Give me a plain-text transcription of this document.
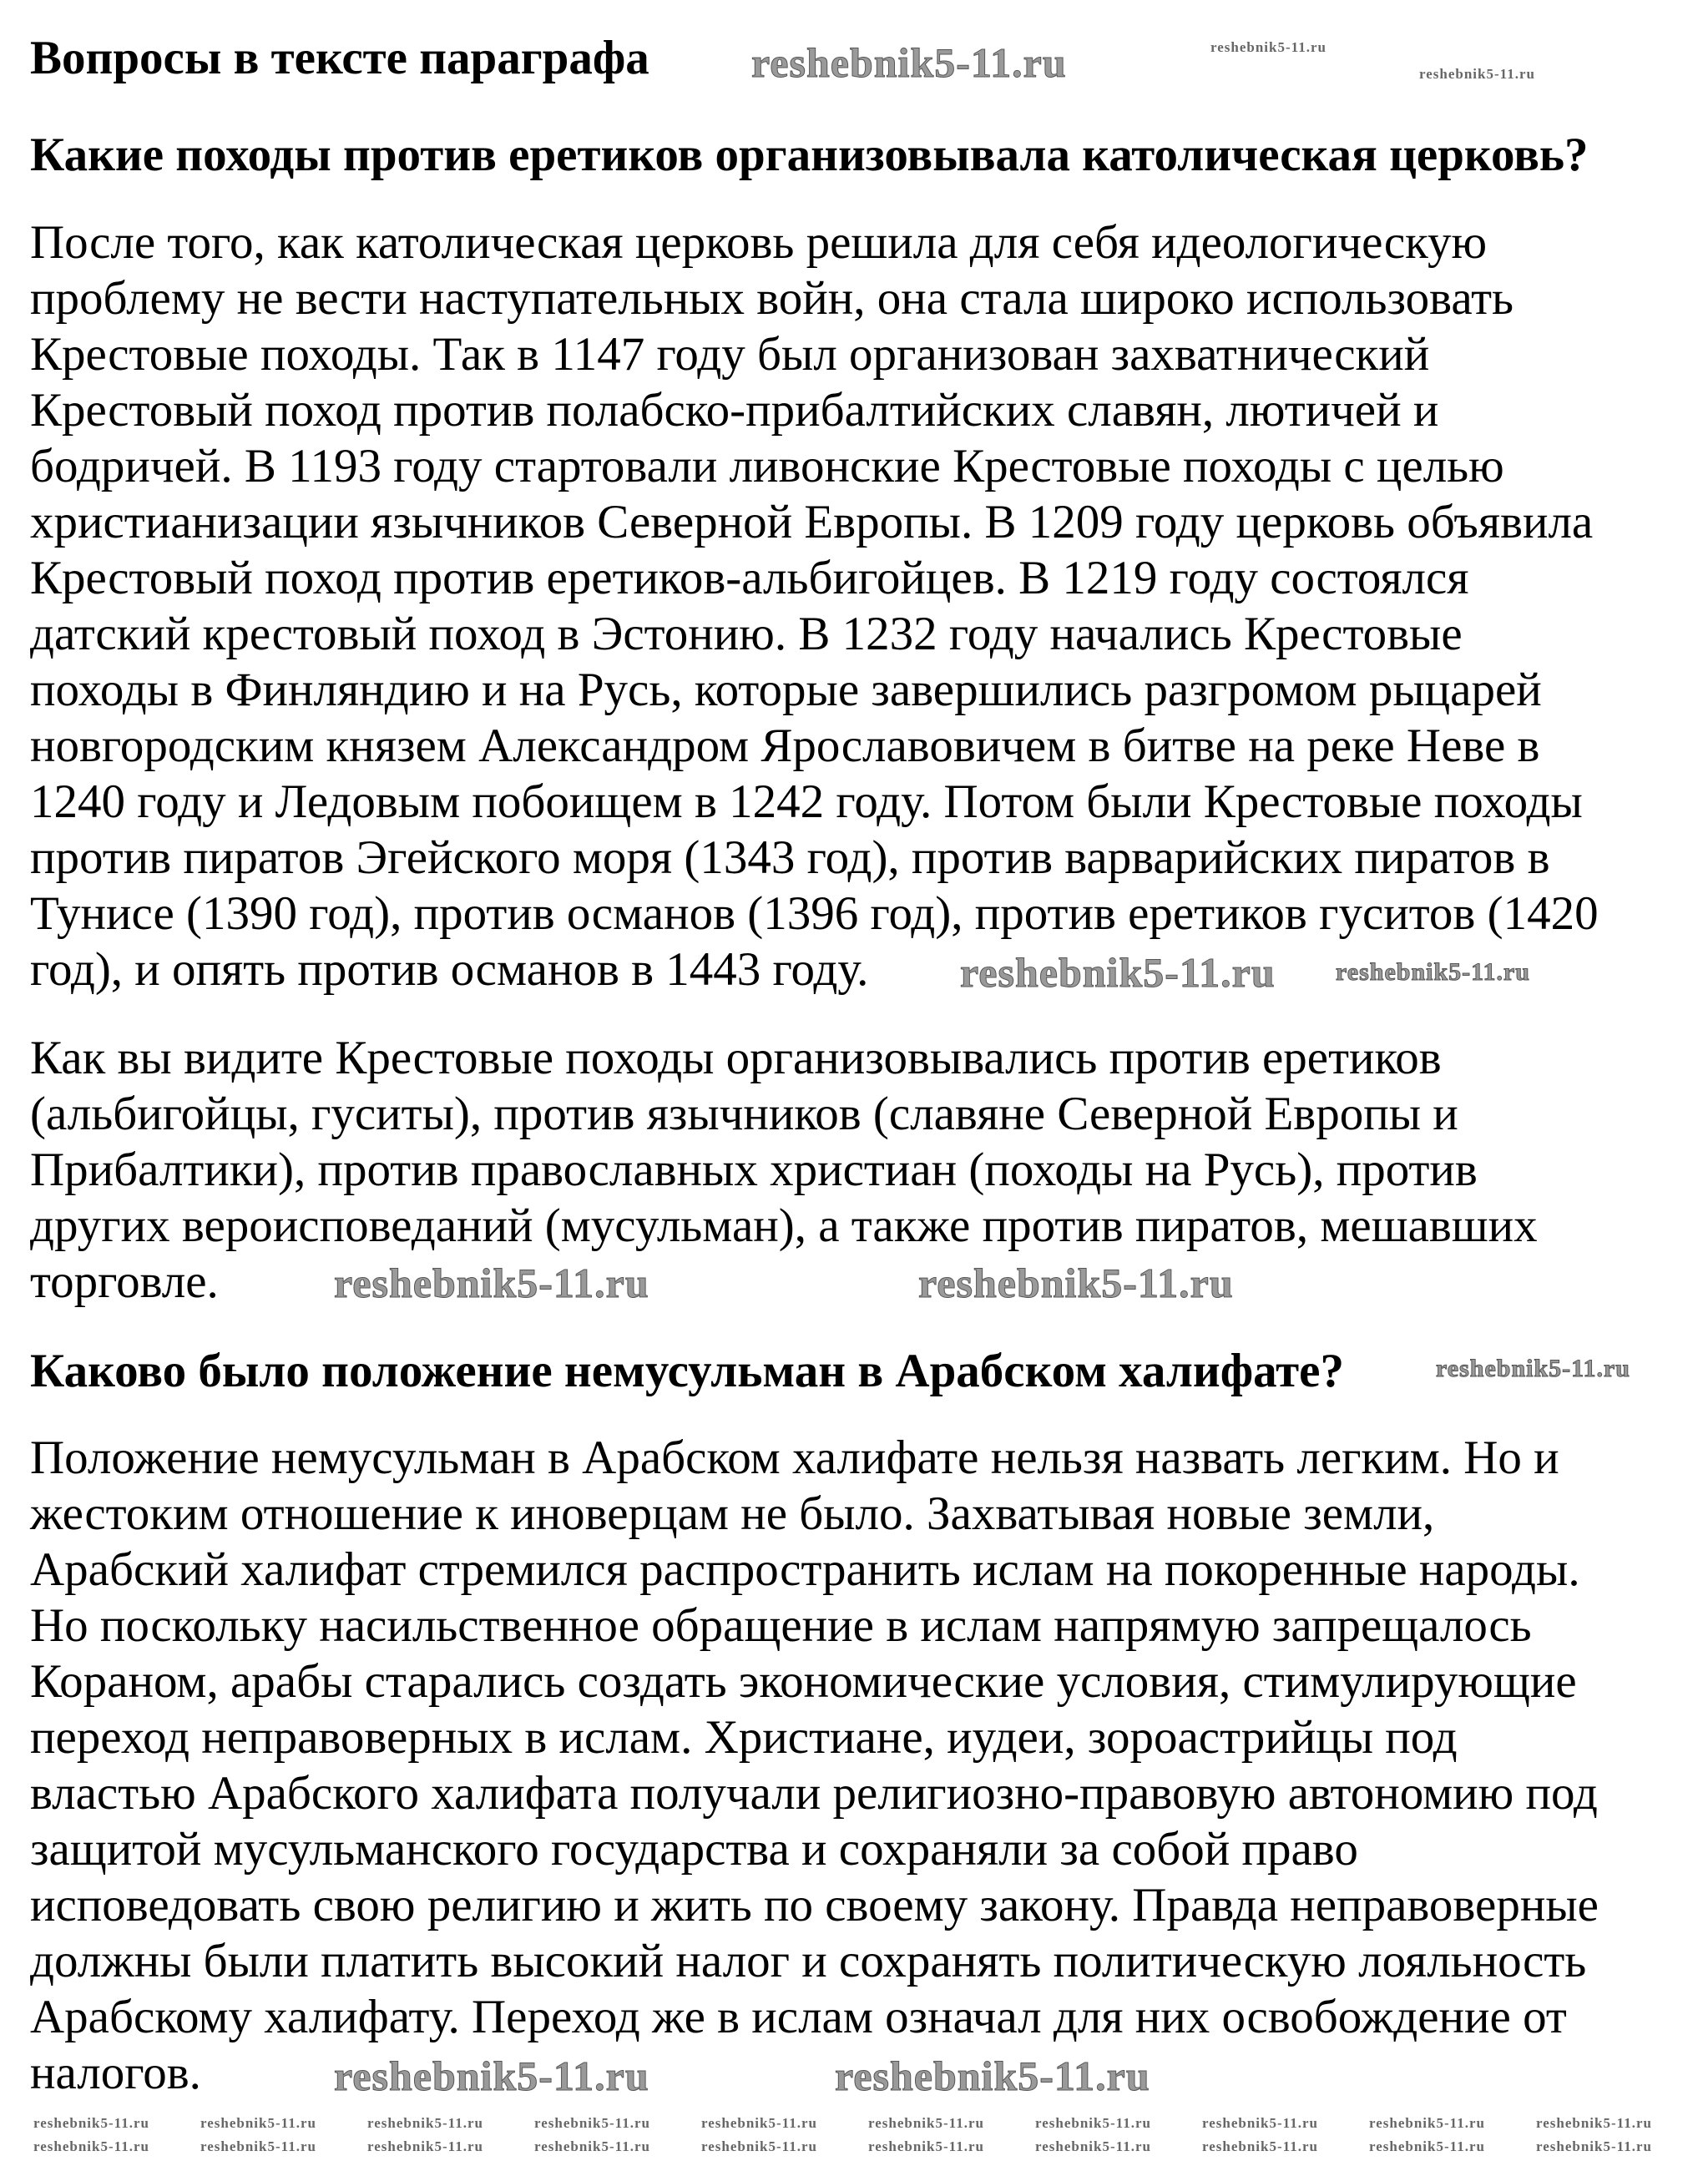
Вопросы в тексте параграфа
Какие походы против еретиков организовывала католическая церковь?
После того, как католическая церковь решила для себя идеологическую
проблему не вести наступательных войн, она стала широко использовать
Крестовые походы. Так в 1147 году был организован захватнический
Крестовый поход против полабско-прибалтийских славян, лютичей и
бодричей. В 1193 году стартовали ливонские Крестовые походы с целью
христианизации язычников Северной Европы. В 1209 году церковь объявила
Крестовый поход против еретиков-альбигойцев. В 1219 году состоялся
датский крестовый поход в Эстонию. В 1232 году начались Крестовые
походы в Финляндию и на Русь, которые завершились разгромом рыцарей
новгородским князем Александром Ярославовичем в битве на реке Неве в
1240 году и Ледовым побоищем в 1242 году. Потом были Крестовые походы
против пиратов Эгейского моря (1343 год), против варварийских пиратов в
Тунисе (1390 год), против османов (1396 год), против еретиков гуситов (1420
год), и опять против османов в 1443 году.
Как вы видите Крестовые походы организовывались против еретиков
(альбигойцы, гуситы), против язычников (славяне Северной Европы и
Прибалтики), против православных христиан (походы на Русь), против
других вероисповеданий (мусульман), а также против пиратов, мешавших
торговле.
Каково было положение немусульман в Арабском халифате?
Положение немусульман в Арабском халифате нельзя назвать легким. Но и
жестоким отношение к иноверцам не было. Захватывая новые земли,
Арабский халифат стремился распространить ислам на покоренные народы.
Но поскольку насильственное обращение в ислам напрямую запрещалось
Кораном, арабы старались создать экономические условия, стимулирующие
переход неправоверных в ислам. Христиане, иудеи, зороастрийцы под
властью Арабского халифата получали религиозно-правовую автономию под
защитой мусульманского государства и сохраняли за собой право
исповедовать свою религию и жить по своему закону. Правда неправоверные
должны были платить высокий налог и сохранять политическую лояльность
Арабскому халифату. Переход же в ислам означал для них освобождение от
налогов.
reshebnik5-11.ru
reshebnik5-11.ru
reshebnik5-11.ru	reshebnik5-11.ru
reshebnik5-11.ru	reshebnik5-11.ru
reshebnik5-11.ru
reshebnik5-11.ru
reshebnik5-11.ru
reshebnik5-11.ru
reshebnik5-11.ru	reshebnik5-11.ru	reshebnik5-11.ru	reshebnik5-11.ru	reshebnik5-11.ru	reshebnik5-11.ru	reshebnik5-11.ru	reshebnik5-11.ru	reshebnik5-11.ru	reshebnik5-11.ru
reshebnik5-11.ru	reshebnik5-11.ru	reshebnik5-11.ru	reshebnik5-11.ru	reshebnik5-11.ru	reshebnik5-11.ru	reshebnik5-11.ru	reshebnik5-11.ru	reshebnik5-11.ru	reshebnik5-11.ru
